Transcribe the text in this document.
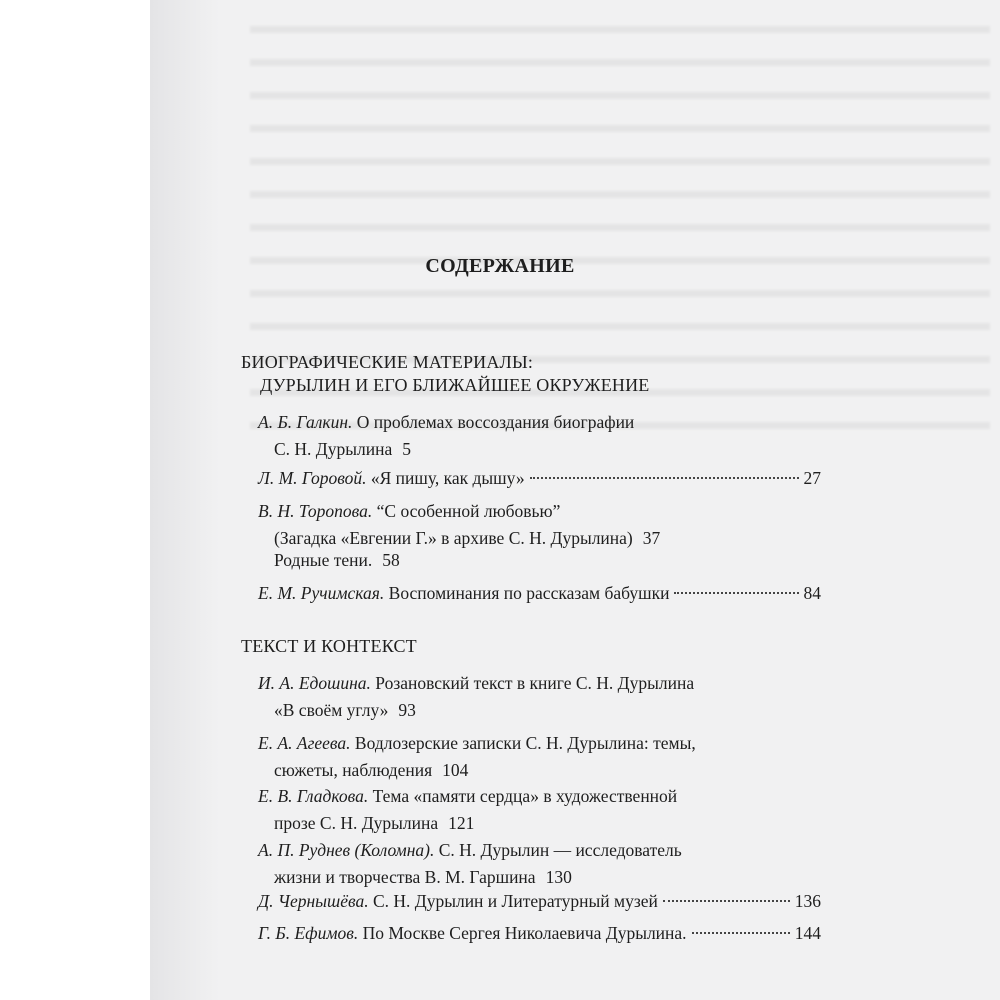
СОДЕРЖАНИЕ
БИОГРАФИЧЕСКИЕ МАТЕРИАЛЫ:
ДУРЫЛИН И ЕГО БЛИЖАЙШЕЕ ОКРУЖЕНИЕ
А. Б. Галкин. О проблемах воссоздания биографии
С. Н. Дурылина 5
Л. М. Горовой. «Я пишу, как дышу»	27
В. Н. Торопова. “С особенной любовью”
(Загадка «Евгении Г.» в архиве С. Н. Дурылина) 37
Родные тени. 58
Е. М. Ручимская. Воспоминания по рассказам бабушки	84
ТЕКСТ И КОНТЕКСТ
И. А. Едошина. Розановский текст в книге С. Н. Дурылина
«В своём углу» 93
Е. А. Агеева. Водлозерские записки С. Н. Дурылина: темы,
сюжеты, наблюдения 104
Е. В. Гладкова. Тема «памяти сердца» в художественной
прозе С. Н. Дурылина 121
А. П. Руднев (Коломна). С. Н. Дурылин — исследователь
жизни и творчества В. М. Гаршина 130
Д. Чернышёва. С. Н. Дурылин и Литературный музей	136
Г. Б. Ефимов. По Москве Сергея Николаевича Дурылина.	144
